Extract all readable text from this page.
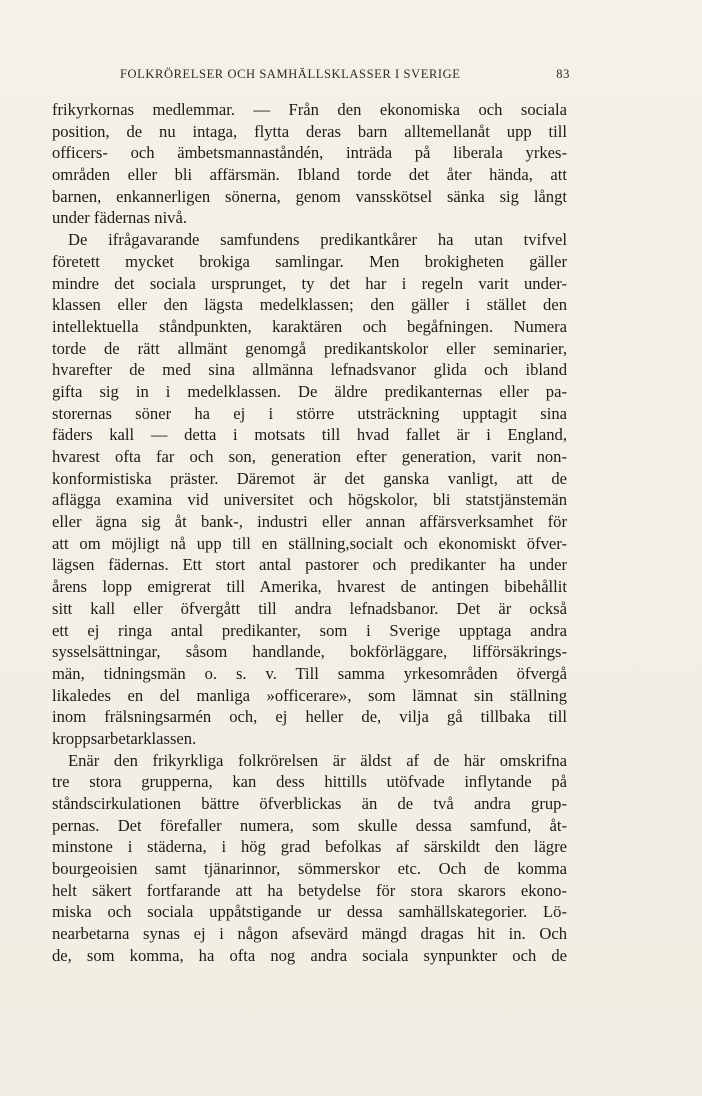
FOLKRÖRELSER OCH SAMHÄLLSKLASSER I SVERIGE	83
frikyrkornas medlemmar. — Från den ekonomiska och sociala
position, de nu intaga, flytta deras barn alltemellanåt upp till
officers- och ämbetsmannaståndén, inträda på liberala yrkes-
områden eller bli affärsmän. Ibland torde det åter hända, att
barnen, enkannerligen sönerna, genom vansskötsel sänka sig långt
under fädernas nivå.
De ifrågavarande samfundens predikantkårer ha utan tvifvel
företett mycket brokiga samlingar. Men brokigheten gäller
mindre det sociala ursprunget, ty det har i regeln varit under-
klassen eller den lägsta medelklassen; den gäller i stället den
intellektuella ståndpunkten, karaktären och begåfningen. Numera
torde de rätt allmänt genomgå predikantskolor eller seminarier,
hvarefter de med sina allmänna lefnadsvanor glida och ibland
gifta sig in i medelklassen. De äldre predikanternas eller pa-
storernas söner ha ej i större utsträckning upptagit sina
fäders kall — detta i motsats till hvad fallet är i England,
hvarest ofta far och son, generation efter generation, varit non-
konformistiska präster. Däremot är det ganska vanligt, att de
aflägga examina vid universitet och högskolor, bli statstjänstemän
eller ägna sig åt bank-, industri eller annan affärsverksamhet för
att om möjligt nå upp till en ställning,socialt och ekonomiskt öfver-
lägsen fädernas. Ett stort antal pastorer och predikanter ha under
årens lopp emigrerat till Amerika, hvarest de antingen bibehållit
sitt kall eller öfvergått till andra lefnadsbanor. Det är också
ett ej ringa antal predikanter, som i Sverige upptaga andra
sysselsättningar, såsom handlande, bokförläggare, lifförsäkrings-
män, tidningsmän o. s. v. Till samma yrkesområden öfvergå
likaledes en del manliga »officerare», som lämnat sin ställning
inom frälsningsarmén och, ej heller de, vilja gå tillbaka till
kroppsarbetarklassen.
Enär den frikyrkliga folkrörelsen är äldst af de här omskrifna
tre stora grupperna, kan dess hittills utöfvade inflytande på
ståndscirkulationen bättre öfverblickas än de två andra grup-
pernas. Det förefaller numera, som skulle dessa samfund, åt-
minstone i städerna, i hög grad befolkas af särskildt den lägre
bourgeoisien samt tjänarinnor, sömmerskor etc. Och de komma
helt säkert fortfarande att ha betydelse för stora skarors ekono-
miska och sociala uppåtstigande ur dessa samhällskategorier. Lö-
nearbetarna synas ej i någon afsevärd mängd dragas hit in. Och
de, som komma, ha ofta nog andra sociala synpunkter och de
